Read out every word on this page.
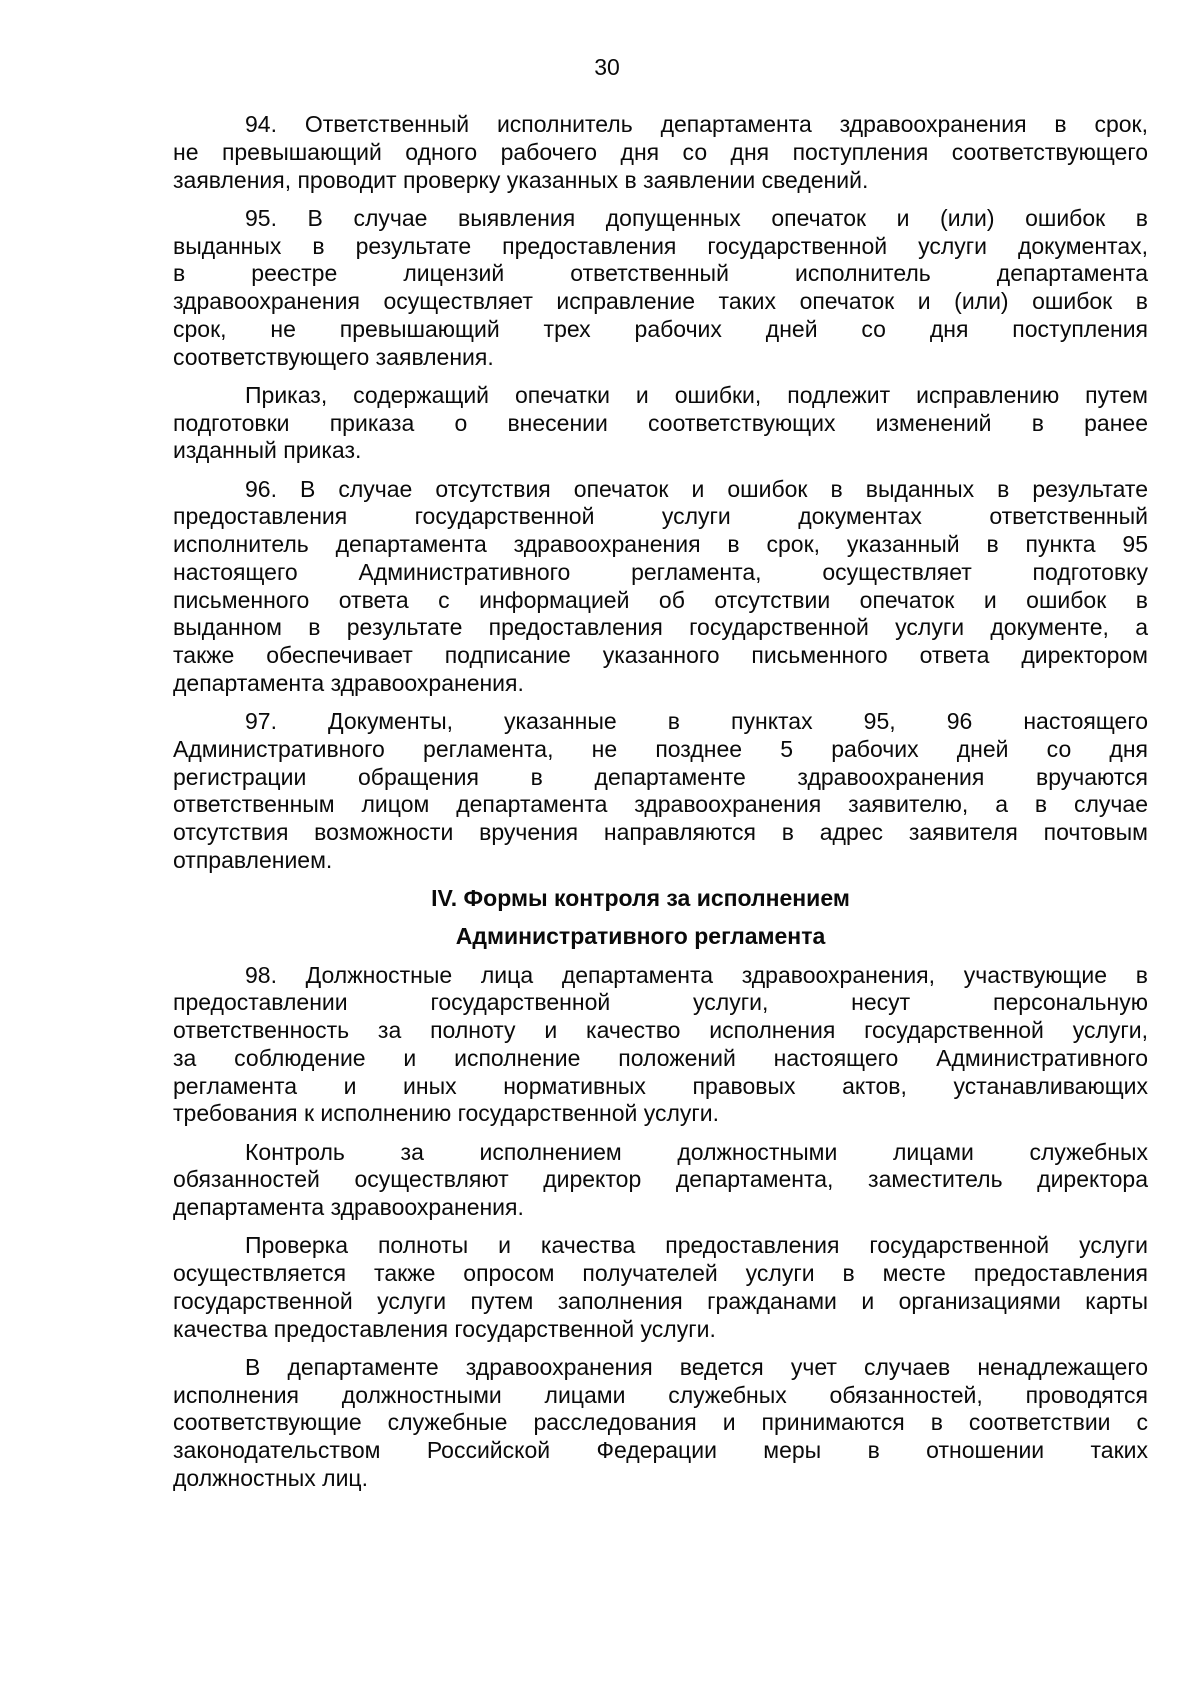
30
94. Ответственный исполнитель департамента здравоохранения в срок,
не превышающий одного рабочего дня со дня поступления соответствующего
заявления, проводит проверку указанных в заявлении сведений.
95. В случае выявления допущенных опечаток и (или) ошибок в
выданных в результате предоставления государственной услуги документах,
в реестре лицензий ответственный исполнитель департамента
здравоохранения осуществляет исправление таких опечаток и (или) ошибок в
срок, не превышающий трех рабочих дней со дня поступления
соответствующего заявления.
Приказ, содержащий опечатки и ошибки, подлежит исправлению путем
подготовки приказа о внесении соответствующих изменений в ранее
изданный приказ.
96. В случае отсутствия опечаток и ошибок в выданных в результате
предоставления государственной услуги документах ответственный
исполнитель департамента здравоохранения в срок, указанный в пункта 95
настоящего Административного регламента, осуществляет подготовку
письменного ответа с информацией об отсутствии опечаток и ошибок в
выданном в результате предоставления государственной услуги документе, а
также обеспечивает подписание указанного письменного ответа директором
департамента здравоохранения.
97. Документы, указанные в пунктах 95, 96 настоящего
Административного регламента, не позднее 5 рабочих дней со дня
регистрации обращения в департаменте здравоохранения вручаются
ответственным лицом департамента здравоохранения заявителю, а в случае
отсутствия возможности вручения направляются в адрес заявителя почтовым
отправлением.
IV. Формы контроля за исполнением
Административного регламента
98. Должностные лица департамента здравоохранения, участвующие в
предоставлении государственной услуги, несут персональную
ответственность за полноту и качество исполнения государственной услуги,
за соблюдение и исполнение положений настоящего Административного
регламента и иных нормативных правовых актов, устанавливающих
требования к исполнению государственной услуги.
Контроль за исполнением должностными лицами служебных
обязанностей осуществляют директор департамента, заместитель директора
департамента здравоохранения.
Проверка полноты и качества предоставления государственной услуги
осуществляется также опросом получателей услуги в месте предоставления
государственной услуги путем заполнения гражданами и организациями карты
качества предоставления государственной услуги.
В департаменте здравоохранения ведется учет случаев ненадлежащего
исполнения должностными лицами служебных обязанностей, проводятся
соответствующие служебные расследования и принимаются в соответствии с
законодательством Российской Федерации меры в отношении таких
должностных лиц.
